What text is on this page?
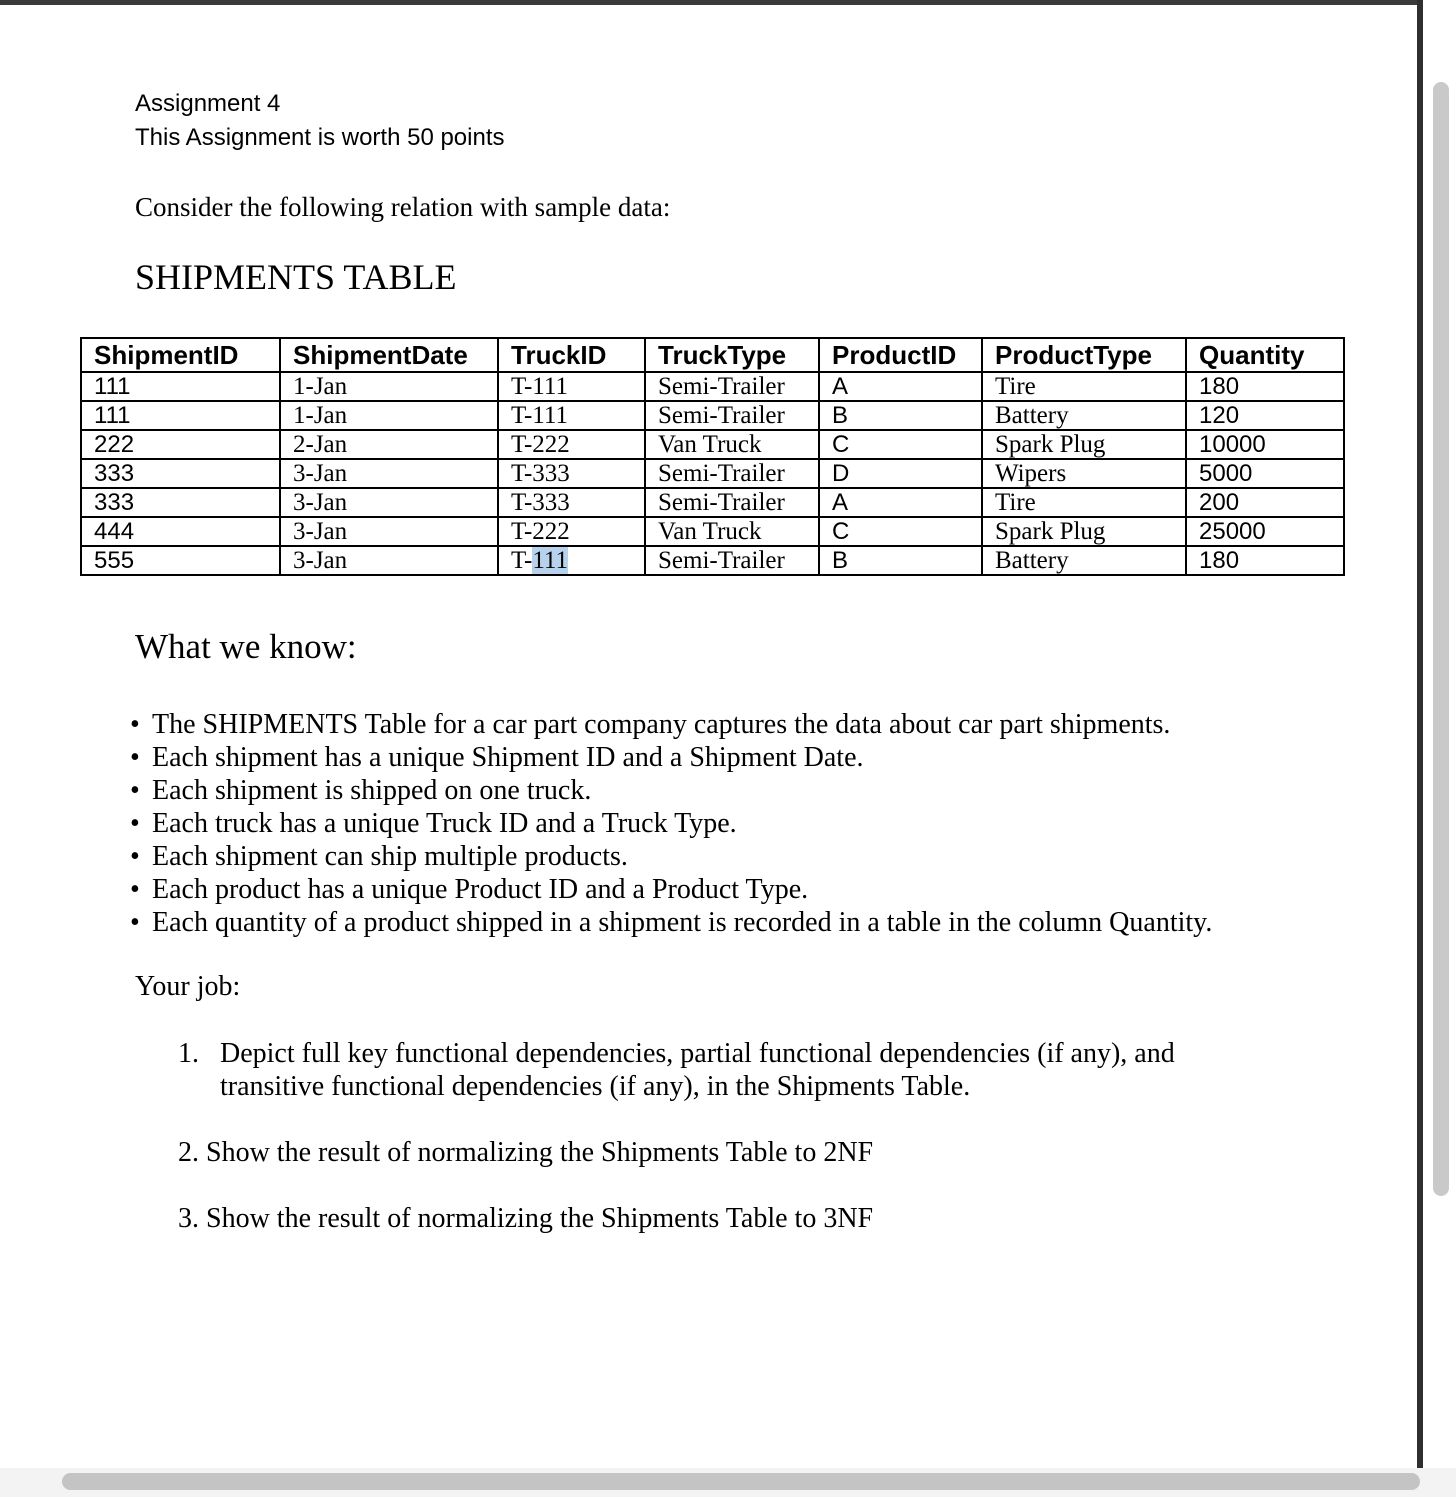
Assignment 4
This Assignment is worth 50 points
Consider the following relation with sample data:
SHIPMENTS TABLE
ShipmentID	ShipmentDate	TruckID	TruckType	ProductID	ProductType	Quantity
111	1-Jan	T-111	Semi-Trailer	A	Tire	180
111	1-Jan	T-111	Semi-Trailer	B	Battery	120
222	2-Jan	T-222	Van Truck	C	Spark Plug	10000
333	3-Jan	T-333	Semi-Trailer	D	Wipers	5000
333	3-Jan	T-333	Semi-Trailer	A	Tire	200
444	3-Jan	T-222	Van Truck	C	Spark Plug	25000
555	3-Jan	T-111	Semi-Trailer	B	Battery	180
What we know:
• The SHIPMENTS Table for a car part company captures the data about car part shipments.
• Each shipment has a unique Shipment ID and a Shipment Date.
• Each shipment is shipped on one truck.
• Each truck has a unique Truck ID and a Truck Type.
• Each shipment can ship multiple products.
• Each product has a unique Product ID and a Product Type.
• Each quantity of a product shipped in a shipment is recorded in a table in the column Quantity.
Your job:
1.   Depict full key functional dependencies, partial functional dependencies (if any), and
transitive functional dependencies (if any), in the Shipments Table.
2. Show the result of normalizing the Shipments Table to 2NF
3. Show the result of normalizing the Shipments Table to 3NF
